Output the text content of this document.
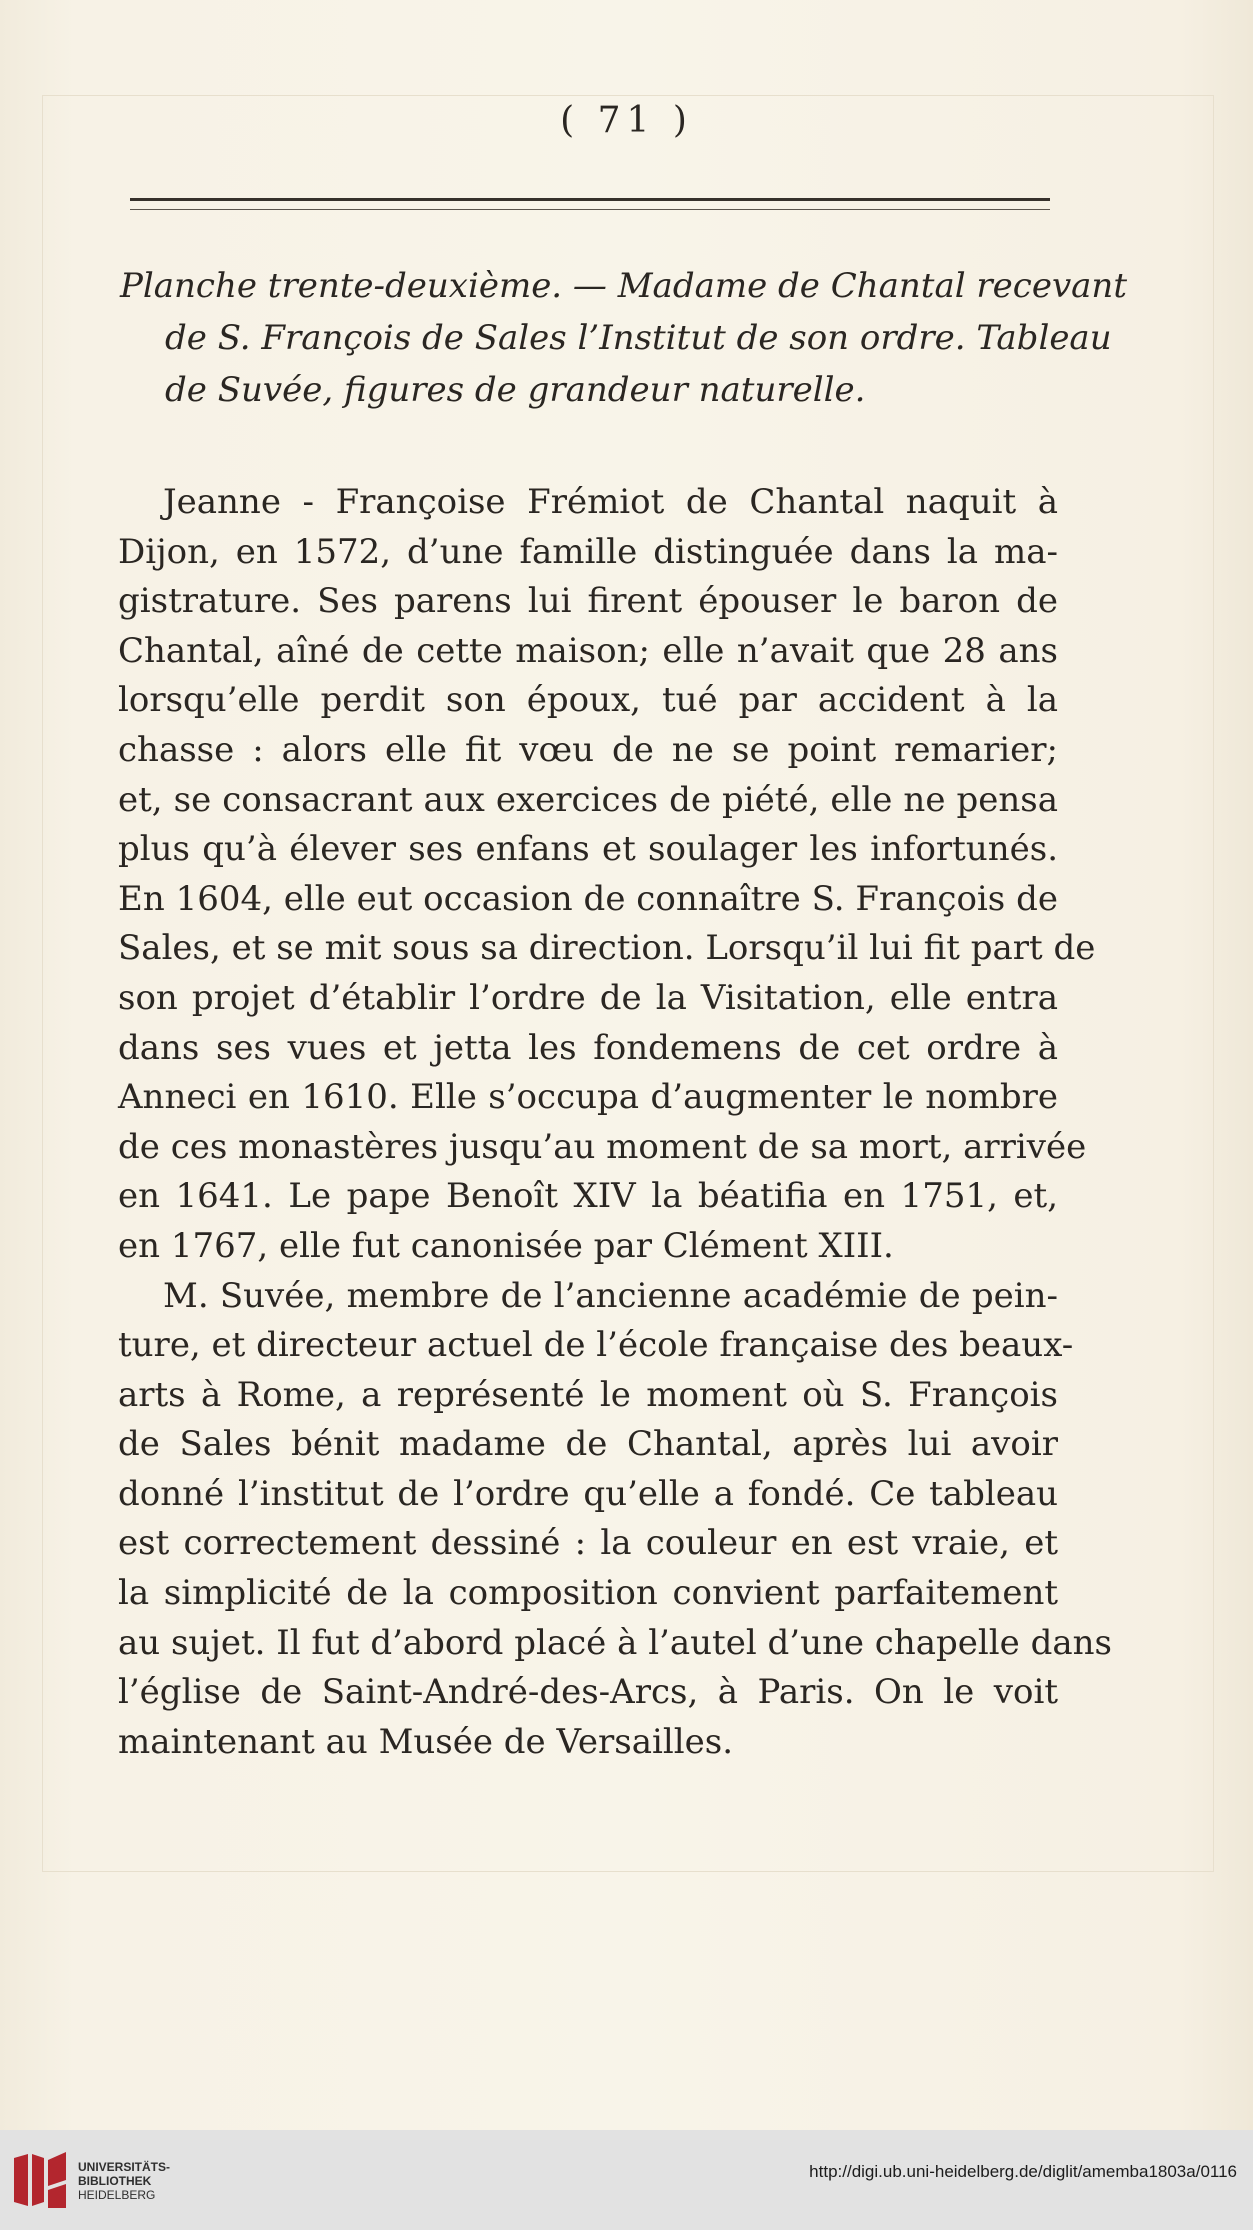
( 71 )
Planche trente-deuxième. — Madame de Chantal recevant
de S. François de Sales l’Institut de son ordre. Tableau
de Suvée, figures de grandeur naturelle.
Jeanne - Françoise Frémiot de Chantal naquit à
Dijon, en 1572, d’une famille distinguée dans la ma-
gistrature. Ses parens lui firent épouser le baron de
Chantal, aîné de cette maison; elle n’avait que 28 ans
lorsqu’elle perdit son époux, tué par accident à la
chasse : alors elle fit vœu de ne se point remarier;
et, se consacrant aux exercices de piété, elle ne pensa
plus qu’à élever ses enfans et soulager les infortunés.
En 1604, elle eut occasion de connaître S. François de
Sales, et se mit sous sa direction. Lorsqu’il lui fit part de
son projet d’établir l’ordre de la Visitation, elle entra
dans ses vues et jetta les fondemens de cet ordre à
Anneci en 1610. Elle s’occupa d’augmenter le nombre
de ces monastères jusqu’au moment de sa mort, arrivée
en 1641. Le pape Benoît XIV la béatifia en 1751, et,
en 1767, elle fut canonisée par Clément XIII.
M. Suvée, membre de l’ancienne académie de pein-
ture, et directeur actuel de l’école française des beaux-
arts à Rome, a représenté le moment où S. François
de Sales bénit madame de Chantal, après lui avoir
donné l’institut de l’ordre qu’elle a fondé. Ce tableau
est correctement dessiné : la couleur en est vraie, et
la simplicité de la composition convient parfaitement
au sujet. Il fut d’abord placé à l’autel d’une chapelle dans
l’église de Saint-André-des-Arcs, à Paris. On le voit
maintenant au Musée de Versailles.
UNIVERSITÄTS-
BIBLIOTHEK
HEIDELBERG
http://digi.ub.uni-heidelberg.de/diglit/amemba1803a/0116
